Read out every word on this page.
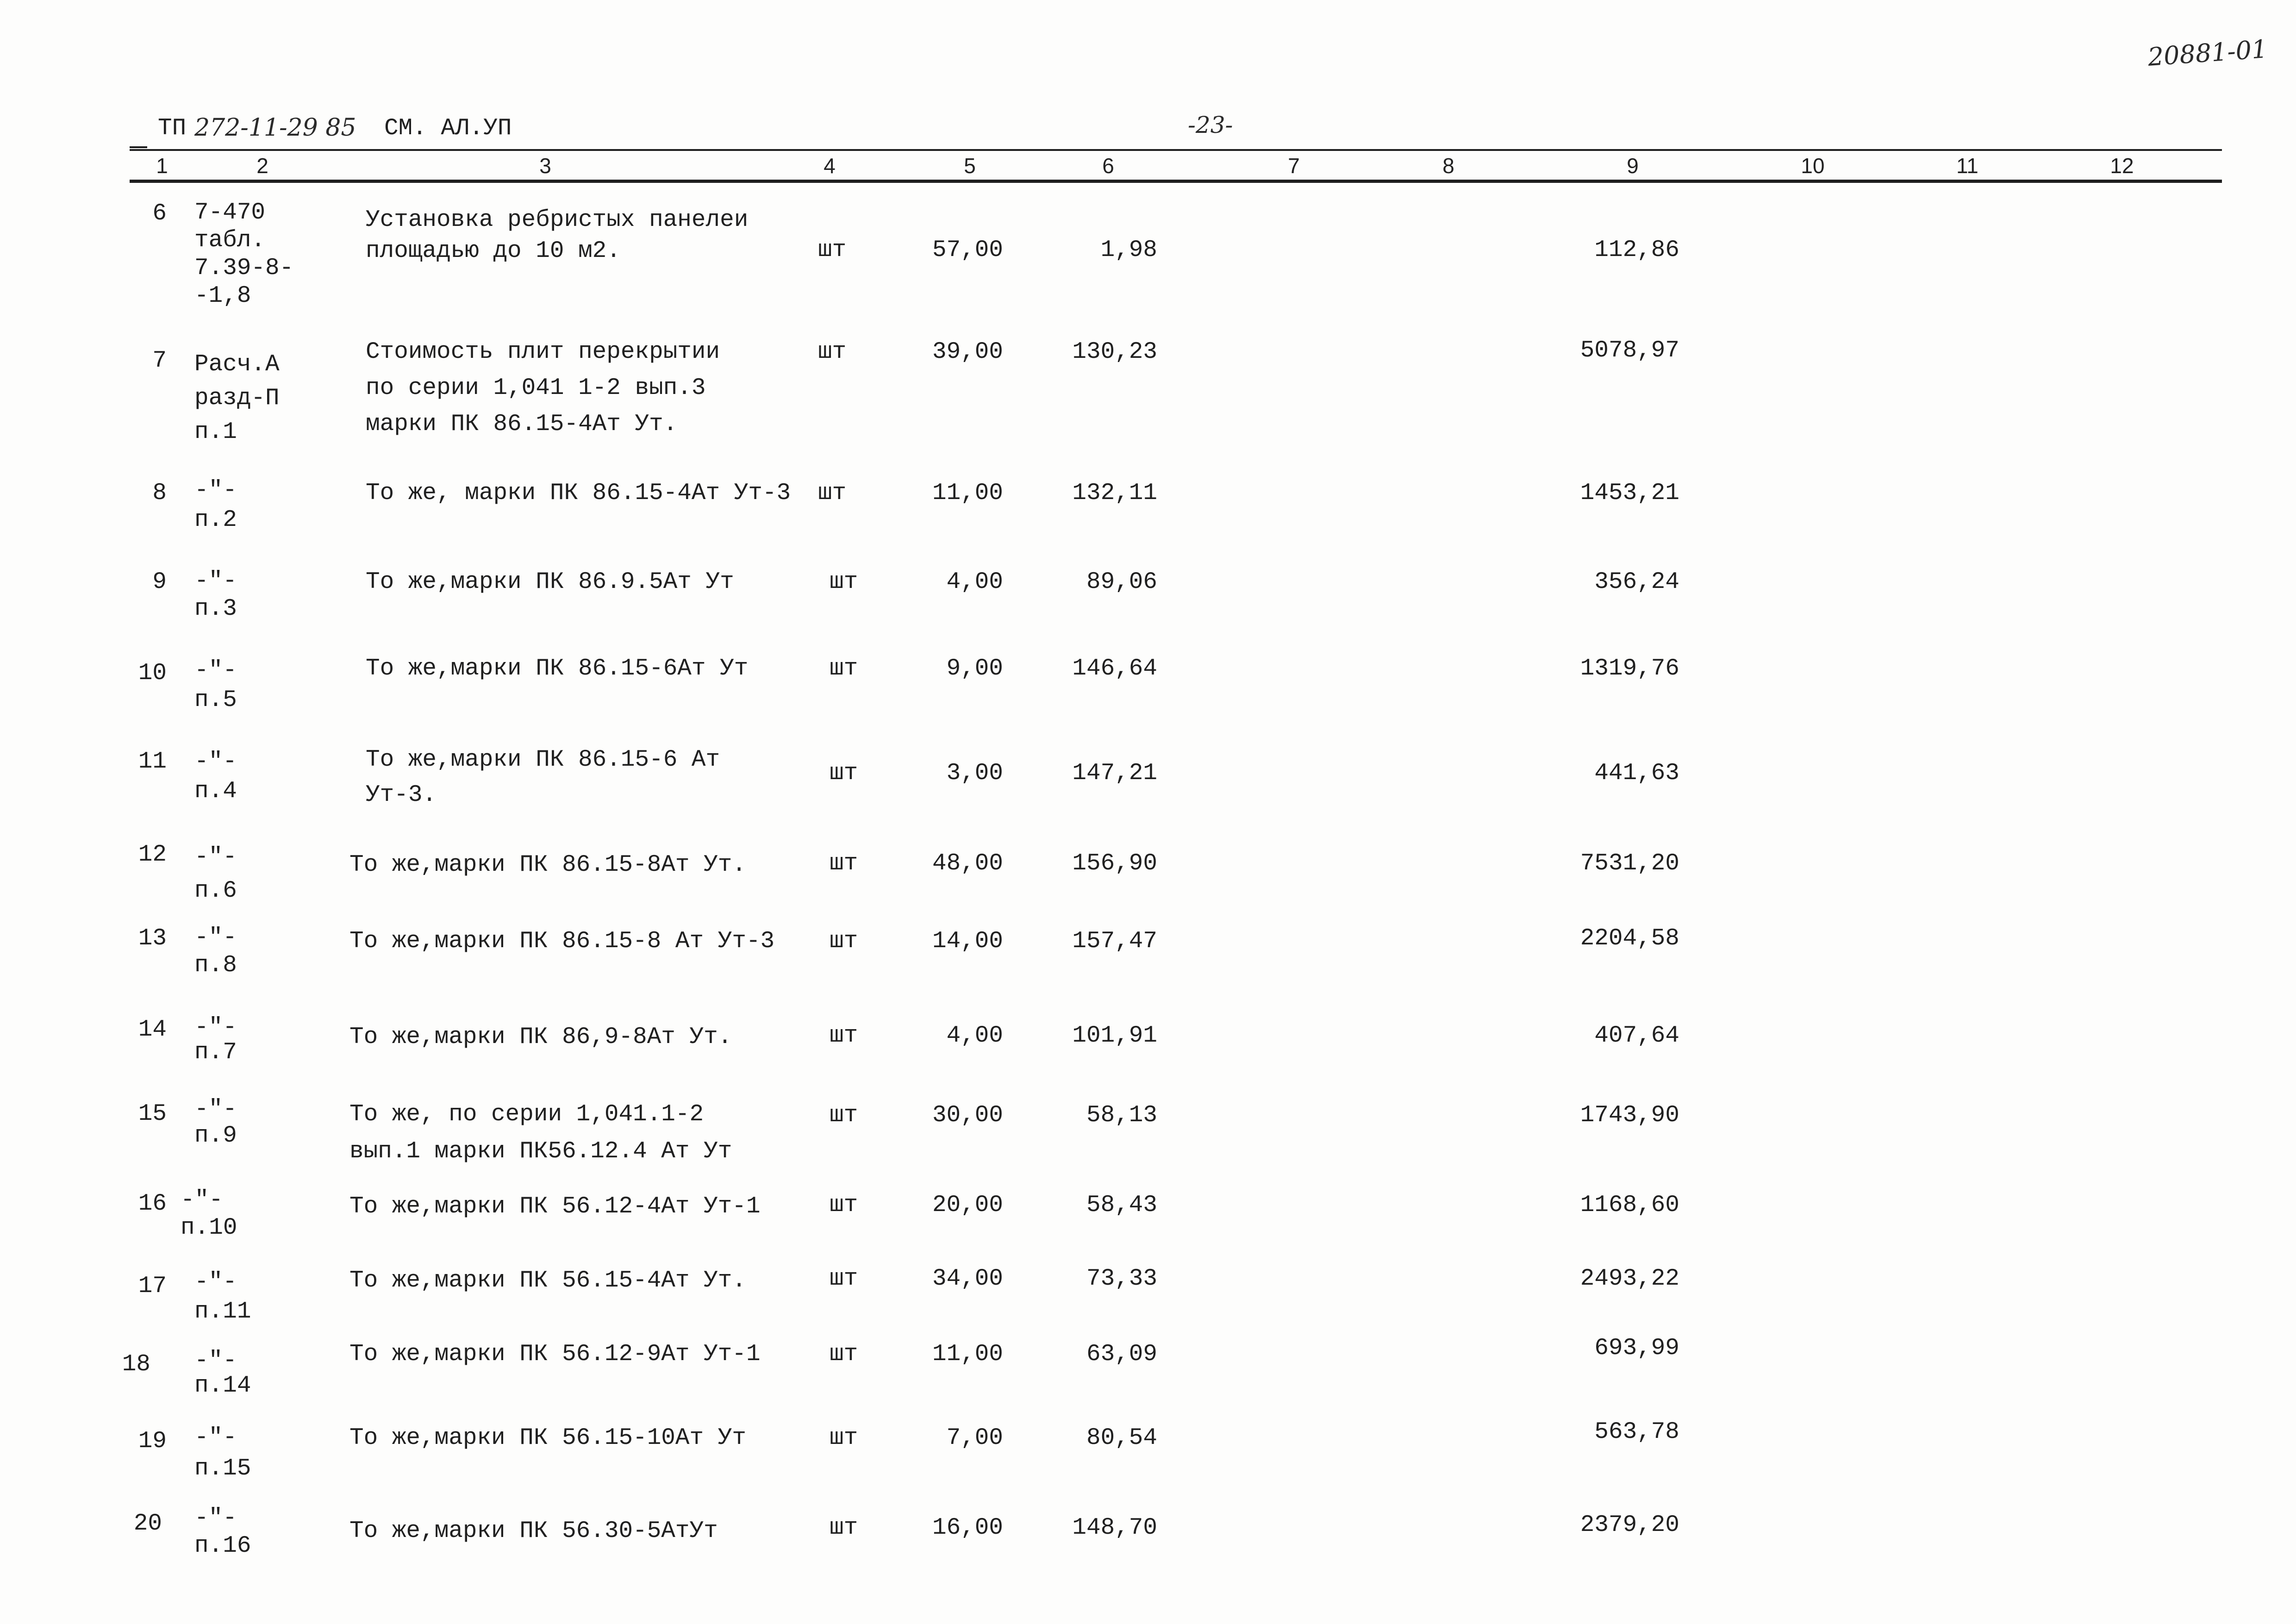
20881-01
ТП 272-11-29 85 СМ. АЛ.УП	-23-
1	2	3	4	5	6	7	8	9	10	11	12
6 7-470
табл.
7.39-8-
-1,8
Установка ребристых панелеи
площадью до 10 м2.	шт	57,00	1,98	112,86
7 Расч.А
разд-П
п.1
Стоимость плит перекрытии
по серии 1,041 1-2 вып.3
марки ПК 86.15-4Ат Ут.
шт	39,00	130,23	5078,97
8 -"-
п.2
То же, марки ПК 86.15-4Ат Ут-3 шт	11,00	132,11	1453,21
9 -"-
п.3
То же,марки ПК 86.9.5Ат Ут	шт	4,00	89,06	356,24
10 -"-
п.5
То же,марки ПК 86.15-6Ат Ут	шт	9,00	146,64	1319,76
11 -"-
п.4
То же,марки ПК 86.15-6 Ат
Ут-3.
шт	3,00	147,21	441,63
12 -"-
п.6
То же,марки ПК 86.15-8Ат Ут.	шт	48,00	156,90	7531,20
13 -"-
п.8
То же,марки ПК 86.15-8 Ат Ут-3 шт	14,00	157,47	2204,58
14 -"-
п.7
То же,марки ПК 86,9-8Ат Ут.	шт	4,00	101,91	407,64
15 -"-
п.9
То же, по серии 1,041.1-2
вып.1 марки ПК56.12.4 Ат Ут
шт	30,00	58,13	1743,90
16 -"-
п.10
То же,марки ПК 56.12-4Ат Ут-1	шт	20,00	58,43	1168,60
17 -"-
п.11
То же,марки ПК 56.15-4Ат Ут.	шт	34,00	73,33	2493,22
18 -"-
п.14
То же,марки ПК 56.12-9Ат Ут-1	шт	11,00	63,09	693,99
19 -"-
п.15
То же,марки ПК 56.15-10Ат Ут	шт	7,00	80,54	563,78
20 -"-
п.16
То же,марки ПК 56.30-5АтУт	шт	16,00	148,70	2379,20
